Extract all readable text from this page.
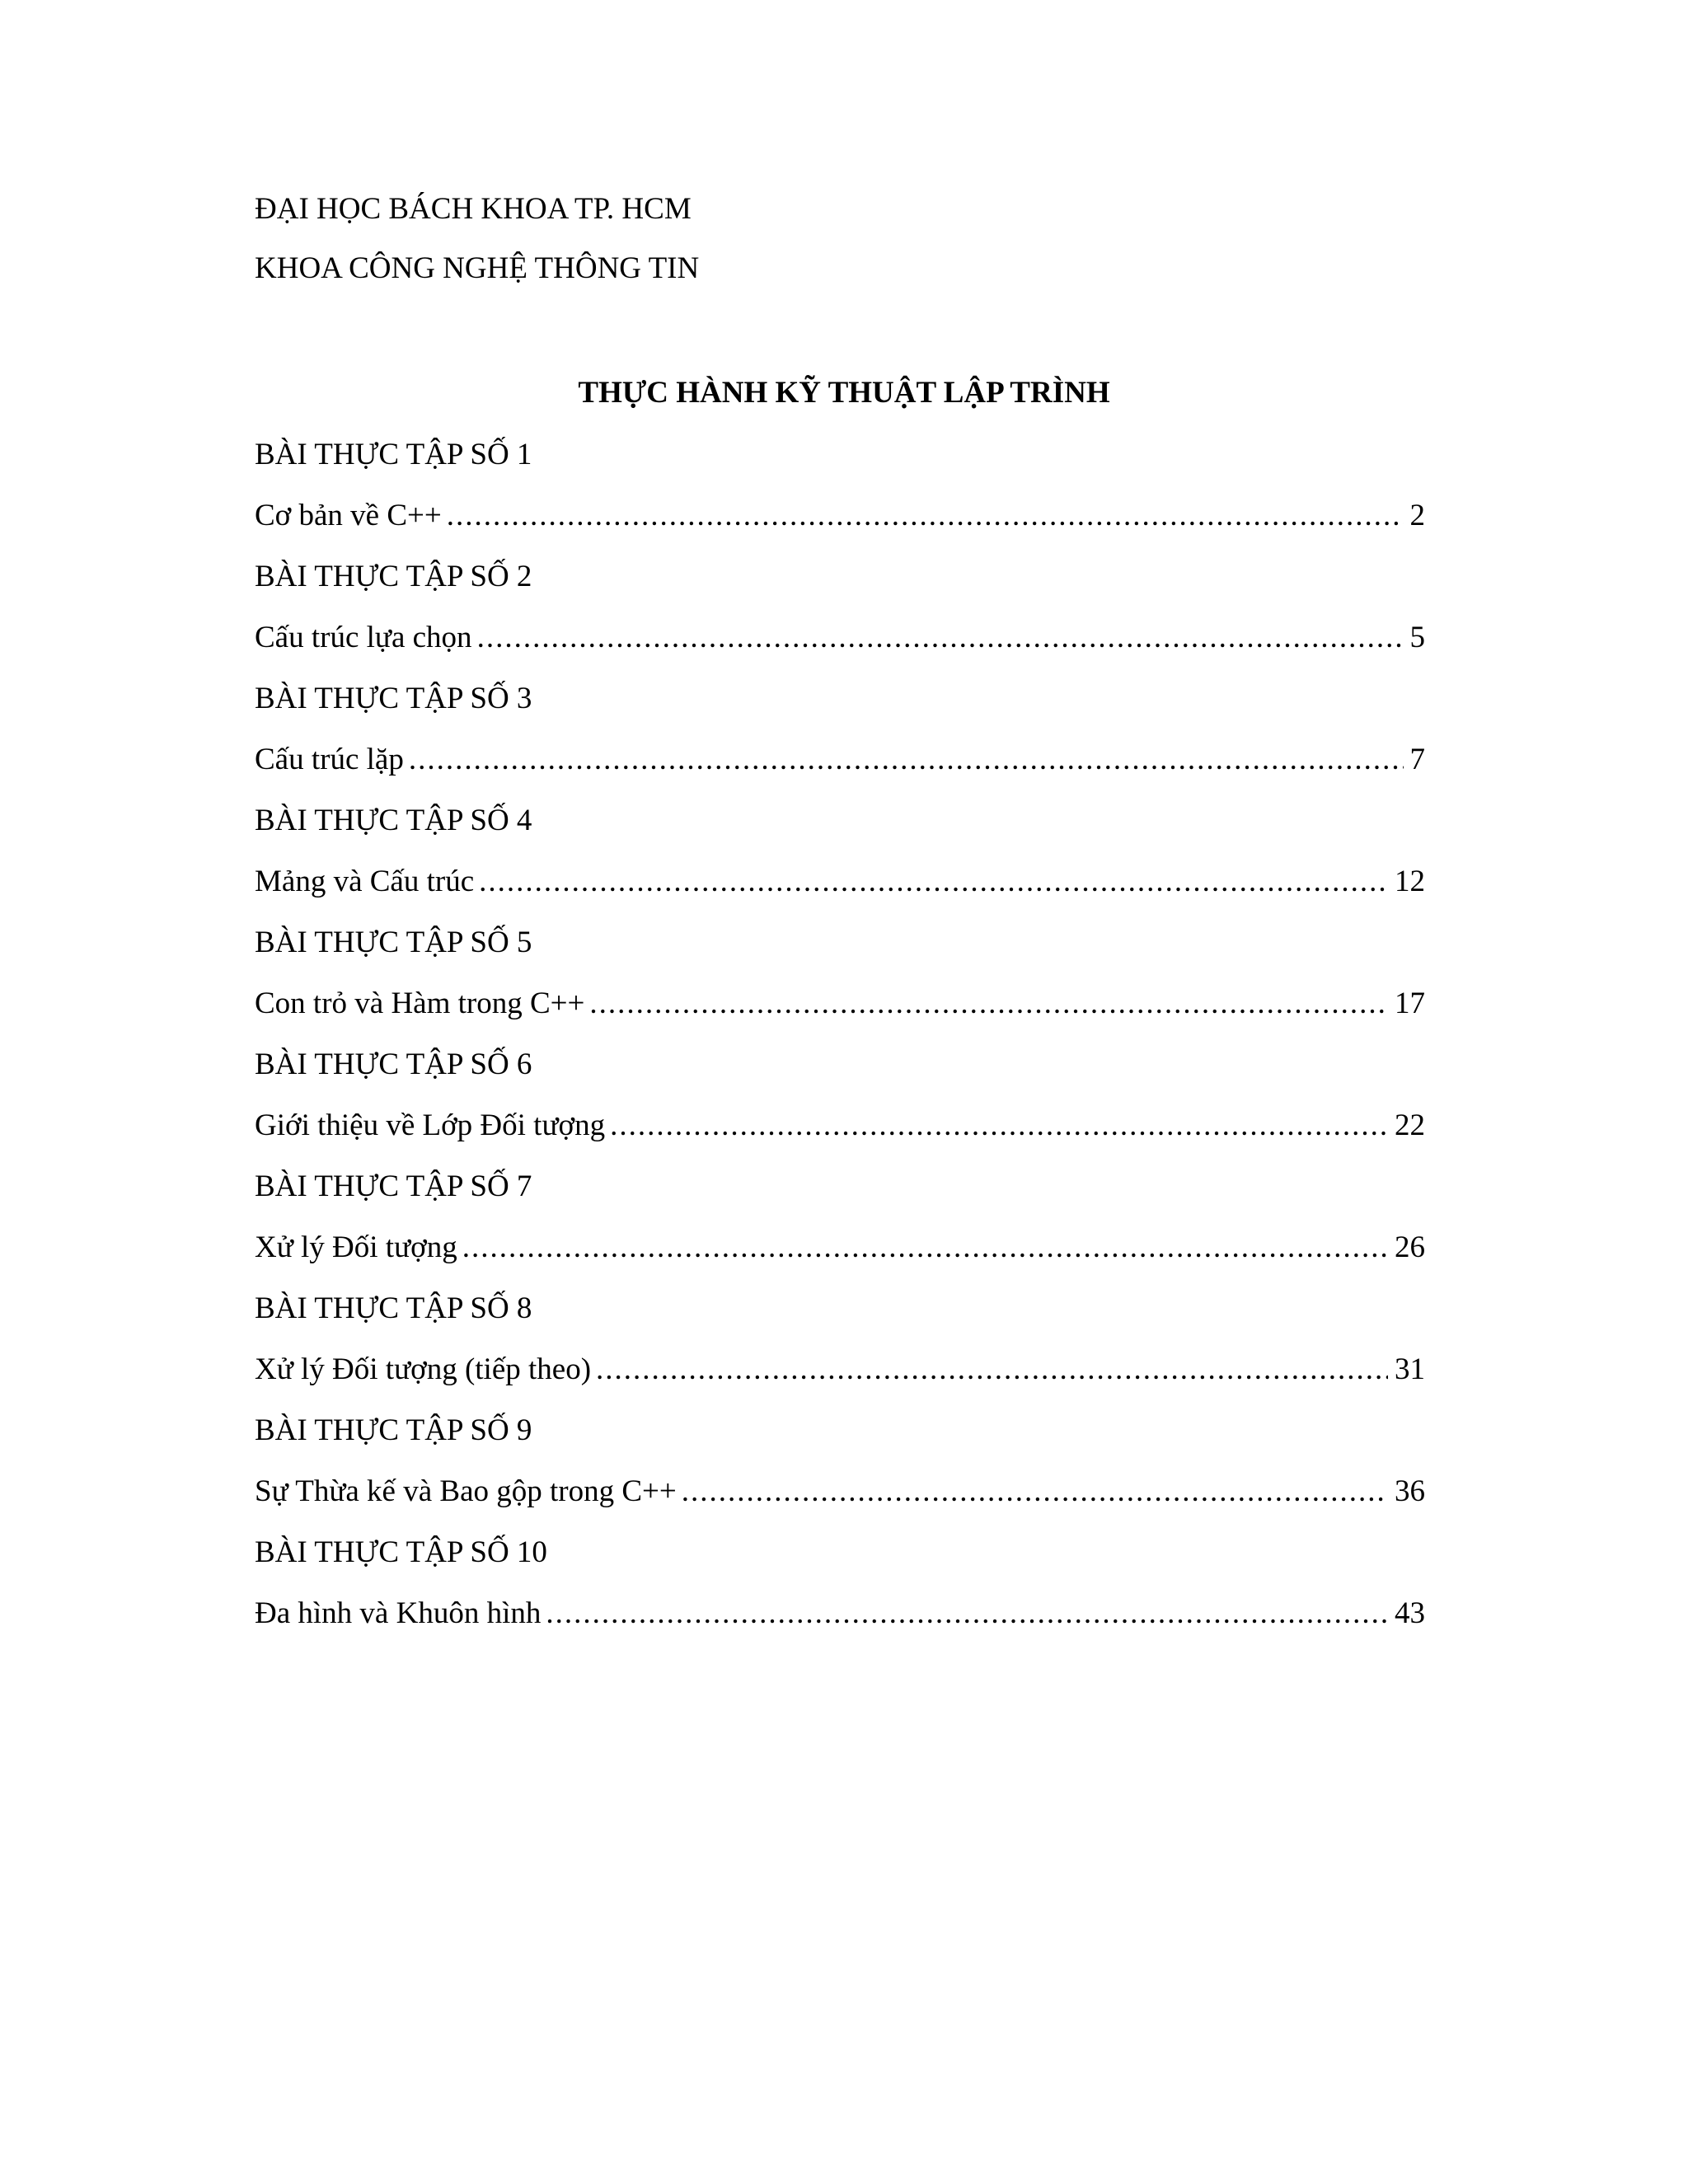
ĐẠI HỌC BÁCH KHOA TP. HCM
KHOA CÔNG NGHỆ THÔNG TIN
THỰC HÀNH KỸ THUẬT LẬP TRÌNH
BÀI THỰC TẬP SỐ 1
Cơ bản về C++ .....	2
BÀI THỰC TẬP SỐ 2
Cấu trúc lựa chọn .....	5
BÀI THỰC TẬP SỐ 3
Cấu trúc lặp .....	7
BÀI THỰC TẬP SỐ 4
Mảng và Cấu trúc .....	12
BÀI THỰC TẬP SỐ 5
Con trỏ và Hàm trong C++ .....	17
BÀI THỰC TẬP SỐ 6
Giới thiệu về Lớp Đối tượng .....	22
BÀI THỰC TẬP SỐ 7
Xử lý Đối tượng .....	26
BÀI THỰC TẬP SỐ 8
Xử lý Đối tượng (tiếp theo) .....	31
BÀI THỰC TẬP SỐ 9
Sự Thừa kế và Bao gộp trong C++ .....	36
BÀI THỰC TẬP SỐ 10
Đa hình và Khuôn hình .....	43
